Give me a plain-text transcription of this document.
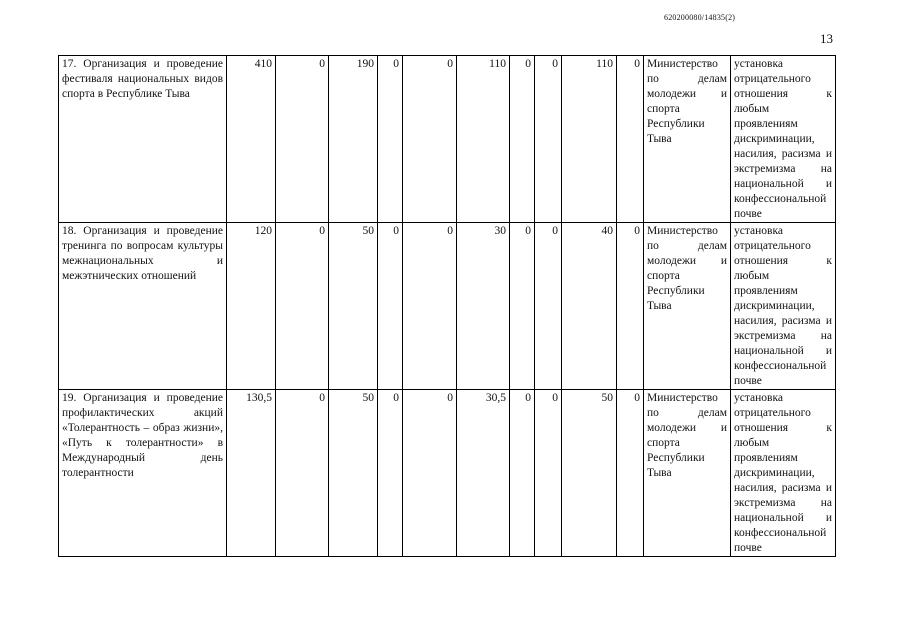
620200080/14835(2)
13
17. Организация и проведение фестиваля национальных видов спорта в Республике Тыва	410	0	190	0	0	110	0	0	110	0	Министерство по делам молодежи и спорта Республики Тыва	установка отрицательного отношения к любым проявлениям дискриминации, насилия, расизма и экстремизма на национальной и конфессиональной почве
18. Организация и проведение тренинга по вопросам культуры межнациональных и межэтнических отношений	120	0	50	0	0	30	0	0	40	0	Министерство по делам молодежи и спорта Республики Тыва	установка отрицательного отношения к любым проявлениям дискриминации, насилия, расизма и экстремизма на национальной и конфессиональной почве
19. Организация и проведение профилактических акций «Толерантность – образ жизни», «Путь к толерантности» в Международный день толерантности	130,5	0	50	0	0	30,5	0	0	50	0	Министерство по делам молодежи и спорта Республики Тыва	установка отрицательного отношения к любым проявлениям дискриминации, насилия, расизма и экстремизма на национальной и конфессиональной почве
